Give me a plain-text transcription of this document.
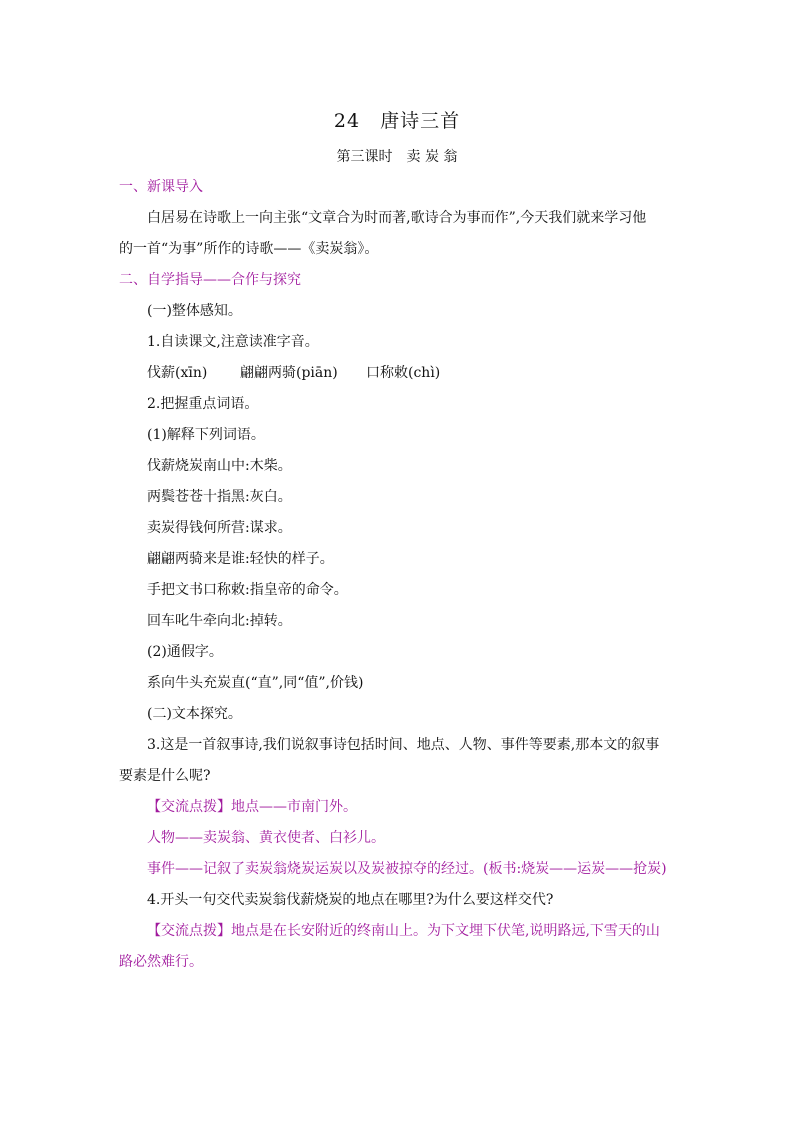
24　唐诗三首
第三课时　卖 炭 翁
一、新课导入
白居易在诗歌上一向主张“文章合为时而著,歌诗合为事而作”,今天我们就来学习他
的一首“为事”所作的诗歌——《卖炭翁》。
二、自学指导——合作与探究
(一)整体感知。
1.自读课文,注意读准字音。
伐薪(xīn) 翩翩两骑(piān) 口称敕(chì)
2.把握重点词语。
(1)解释下列词语。
伐薪烧炭南山中:木柴。
两鬓苍苍十指黑:灰白。
卖炭得钱何所营:谋求。
翩翩两骑来是谁:轻快的样子。
手把文书口称敕:指皇帝的命令。
回车叱牛牵向北:掉转。
(2)通假字。
系向牛头充炭直(“直”,同“值”,价钱)
(二)文本探究。
3.这是一首叙事诗,我们说叙事诗包括时间、地点、人物、事件等要素,那本文的叙事
要素是什么呢?
【交流点拨】地点——市南门外。
人物——卖炭翁、黄衣使者、白衫儿。
事件——记叙了卖炭翁烧炭运炭以及炭被掠夺的经过。(板书:烧炭——运炭——抢炭)
4.开头一句交代卖炭翁伐薪烧炭的地点在哪里?为什么要这样交代?
【交流点拨】地点是在长安附近的终南山上。为下文埋下伏笔,说明路远,下雪天的山
路必然难行。
